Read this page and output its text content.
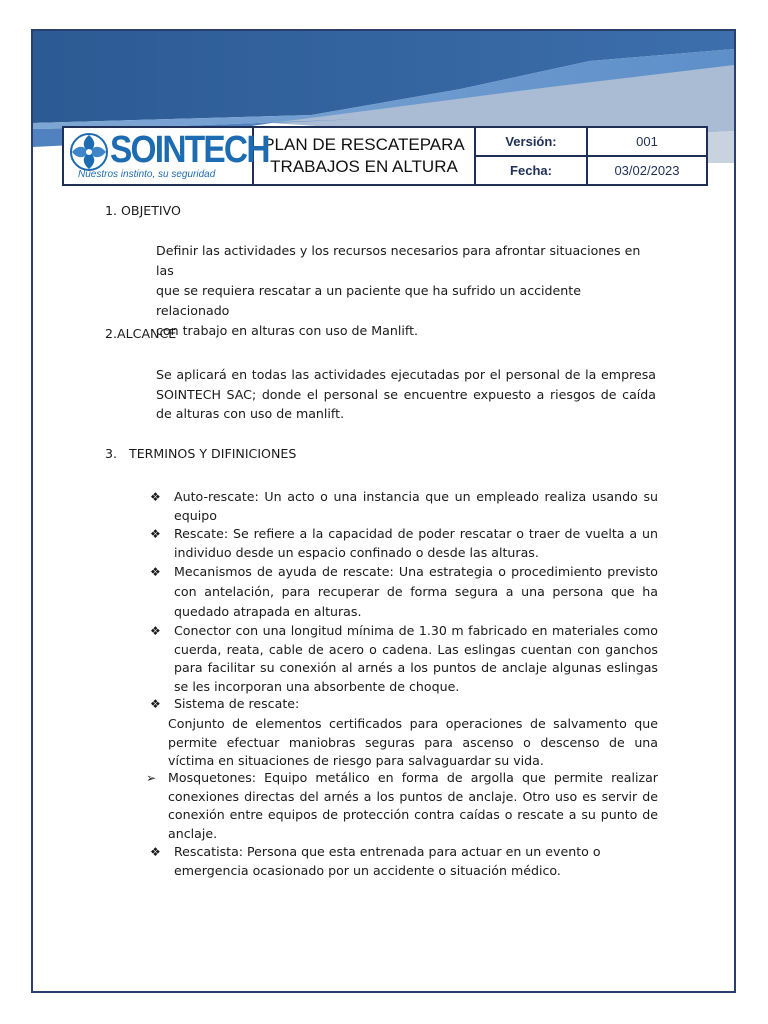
SOINTECH
Nuestros instinto, su seguridad
PLAN DE RESCATEPARA
TRABAJOS EN ALTURA
Versión:	001
Fecha:	03/02/2023
1. OBJETIVO

Definir las actividades y los recursos necesarios para afrontar situaciones en las

que se requiera rescatar a un paciente que ha sufrido un accidente relacionado

con trabajo en alturas con uso de Manlift.

2.ALCANCE
Se aplicará en todas las actividades ejecutadas por el personal de la empresa SOINTECH SAC; donde el personal se encuentre expuesto a riesgos de caída de alturas con uso de manlift.
3.   TERMINOS Y DIFINICIONES
❖	Auto-rescate: Un acto o una instancia que un empleado realiza usando su equipo
❖	Rescate: Se refiere a la capacidad de poder rescatar o traer de vuelta a un individuo desde un espacio confinado o desde las alturas.
❖	Mecanismos de ayuda de rescate: Una estrategia o procedimiento previsto con antelación, para recuperar de forma segura a una persona que ha quedado atrapada en alturas.
❖	Conector con una longitud mínima de 1.30 m fabricado en materiales como cuerda, reata, cable de acero o cadena. Las eslingas cuentan con ganchos para facilitar su conexión al arnés a los puntos de anclaje algunas eslingas se les incorporan una absorbente de choque.
❖	Sistema de rescate:
Conjunto de elementos certificados para operaciones de salvamento que permite efectuar maniobras seguras para ascenso o descenso de una víctima en situaciones de riesgo para salvaguardar su vida.
➢ Mosquetones: Equipo metálico en forma de argolla que permite realizar conexiones directas del arnés a los puntos de anclaje. Otro uso es servir de conexión entre equipos de protección contra caídas o rescate a su punto de anclaje.
❖	Rescatista: Persona que esta entrenada para actuar en un evento o emergencia ocasionado por un accidente o situación médico.
